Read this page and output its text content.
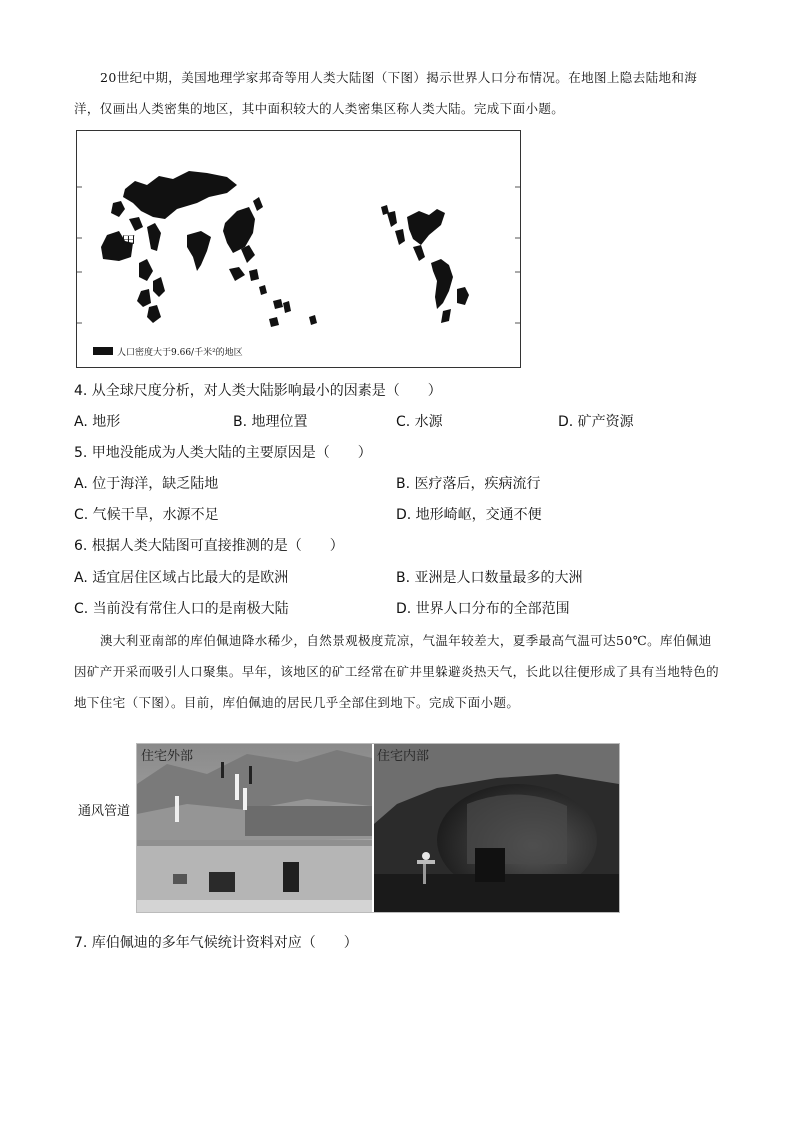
20世纪中期，美国地理学家邦奇等用人类大陆图（下图）揭示世界人口分布情况。在地图上隐去陆地和海洋，仅画出人类密集的地区，其中面积较大的人类密集区称人类大陆。完成下面小题。
甲
人口密度大于9.66/千米²的地区
4. 从全球尺度分析，对人类大陆影响最小的因素是（　　）
A. 地形	B. 地理位置	C. 水源	D. 矿产资源
5. 甲地没能成为人类大陆的主要原因是（　　）
A. 位于海洋，缺乏陆地	B. 医疗落后，疾病流行
C. 气候干旱，水源不足	D. 地形崎岖，交通不便
6. 根据人类大陆图可直接推测的是（　　）
A. 适宜居住区域占比最大的是欧洲	B. 亚洲是人口数量最多的大洲
C. 当前没有常住人口的是南极大陆	D. 世界人口分布的全部范围
澳大利亚南部的库伯佩迪降水稀少，自然景观极度荒凉，气温年较差大，夏季最高气温可达50℃。库伯佩迪因矿产开采而吸引人口聚集。早年，该地区的矿工经常在矿井里躲避炎热天气，长此以往便形成了具有当地特色的地下住宅（下图）。目前，库伯佩迪的居民几乎全部住到地下。完成下面小题。
通风管道
住宅外部	住宅内部
7. 库伯佩迪的多年气候统计资料对应（　　）
